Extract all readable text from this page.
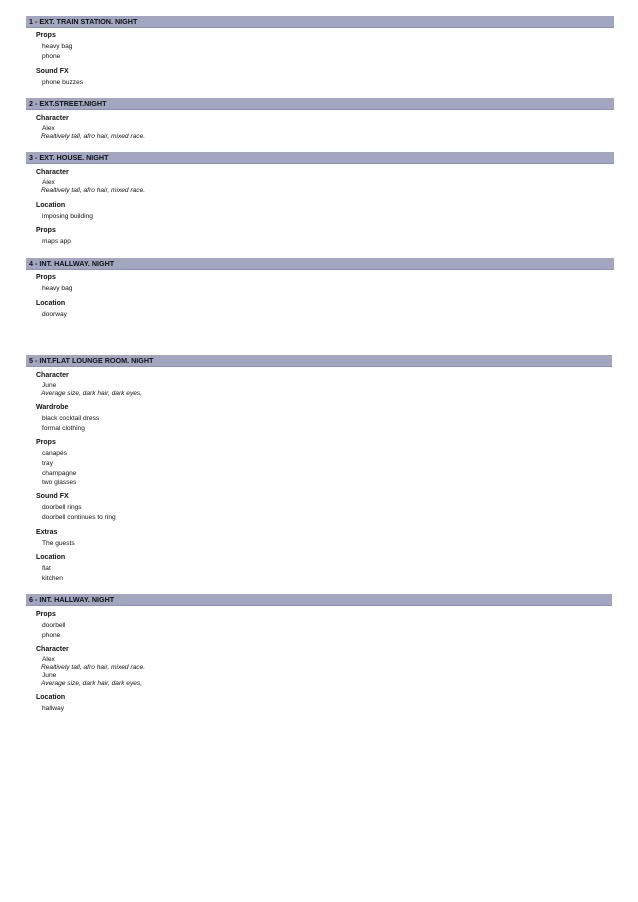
1 - EXT. TRAIN STATION. NIGHT
Props
heavy bag
phone
Sound FX
phone buzzes
2 - EXT.STREET.NIGHT
Character
Alex
Realtively tall, afro hair, mixed race.
3 - EXT. HOUSE. NIGHT
Character
Alex
Realtively tall, afro hair, mixed race.
Location
imposing building
Props
maps app
4 - INT. HALLWAY. NIGHT
Props
heavy bag
Location
doorway
5 - INT.FLAT LOUNGE ROOM. NIGHT
Character
June
Average size, dark hair, dark eyes,
Wardrobe
black cocktail dress
formal clothing
Props
canapés
tray
champagne
two glasses
Sound FX
doorbell rings
doorbell continues to ring
Extras
The guests
Location
flat
kitchen
6 - INT. HALLWAY. NIGHT
Props
doorbell
phone
Character
Alex
Realtively tall, afro hair, mixed race.
June
Average size, dark hair, dark eyes,
Location
hallway
